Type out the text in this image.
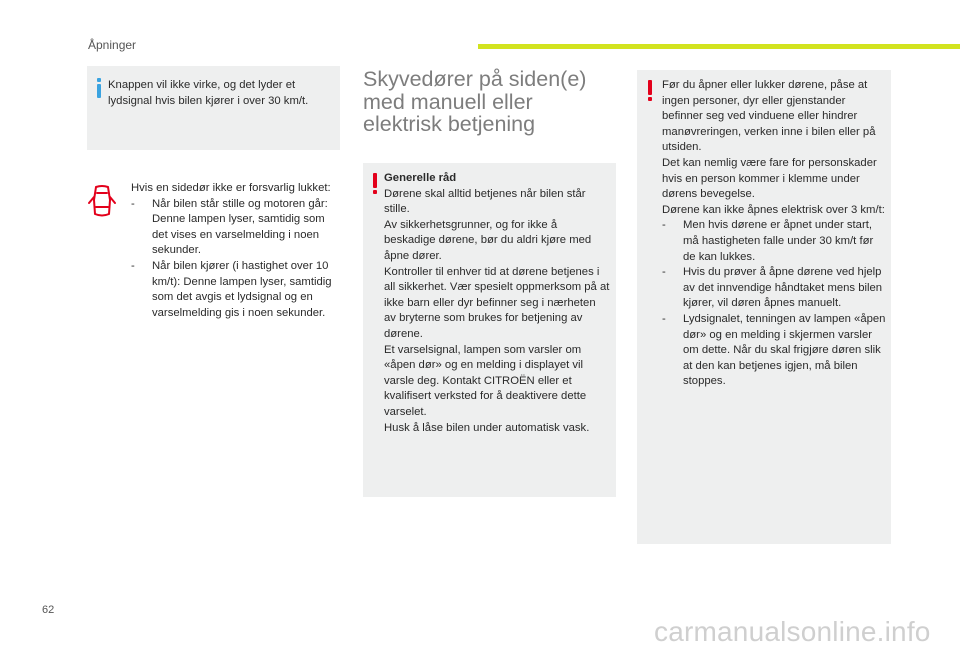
Åpninger
Knappen vil ikke virke, og det lyder et lydsignal hvis bilen kjører i over 30 km/t.
Hvis en sidedør ikke er forsvarlig lukket:
- Når bilen står stille og motoren går: Denne lampen lyser, samtidig som det vises en varselmelding i noen sekunder.
- Når bilen kjører (i hastighet over 10 km/t): Denne lampen lyser, samtidig som det avgis et lydsignal og en varselmelding gis i noen sekunder.
Skyvedører på siden(e) med manuell eller elektrisk betjening
Generelle råd
Dørene skal alltid betjenes når bilen står stille.
Av sikkerhetsgrunner, og for ikke å beskadige dørene, bør du aldri kjøre med åpne dører.
Kontroller til enhver tid at dørene betjenes i all sikkerhet. Vær spesielt oppmerksom på at ikke barn eller dyr befinner seg i nærheten av bryterne som brukes for betjening av dørene.
Et varselsignal, lampen som varsler om «åpen dør» og en melding i displayet vil varsle deg. Kontakt CITROËN eller et kvalifisert verksted for å deaktivere dette varselet.
Husk å låse bilen under automatisk vask.
Før du åpner eller lukker dørene, påse at ingen personer, dyr eller gjenstander befinner seg ved vinduene eller hindrer manøvreringen, verken inne i bilen eller på utsiden.
Det kan nemlig være fare for personskader hvis en person kommer i klemme under dørens bevegelse.
Dørene kan ikke åpnes elektrisk over 3 km/t:
- Men hvis dørene er åpnet under start, må hastigheten falle under 30 km/t før de kan lukkes.
- Hvis du prøver å åpne dørene ved hjelp av det innvendige håndtaket mens bilen kjører, vil døren åpnes manuelt.
- Lydsignalet, tenningen av lampen «åpen dør» og en melding i skjermen varsler om dette. Når du skal frigjøre døren slik at den kan betjenes igjen, må bilen stoppes.
62
carmanualsonline.info
